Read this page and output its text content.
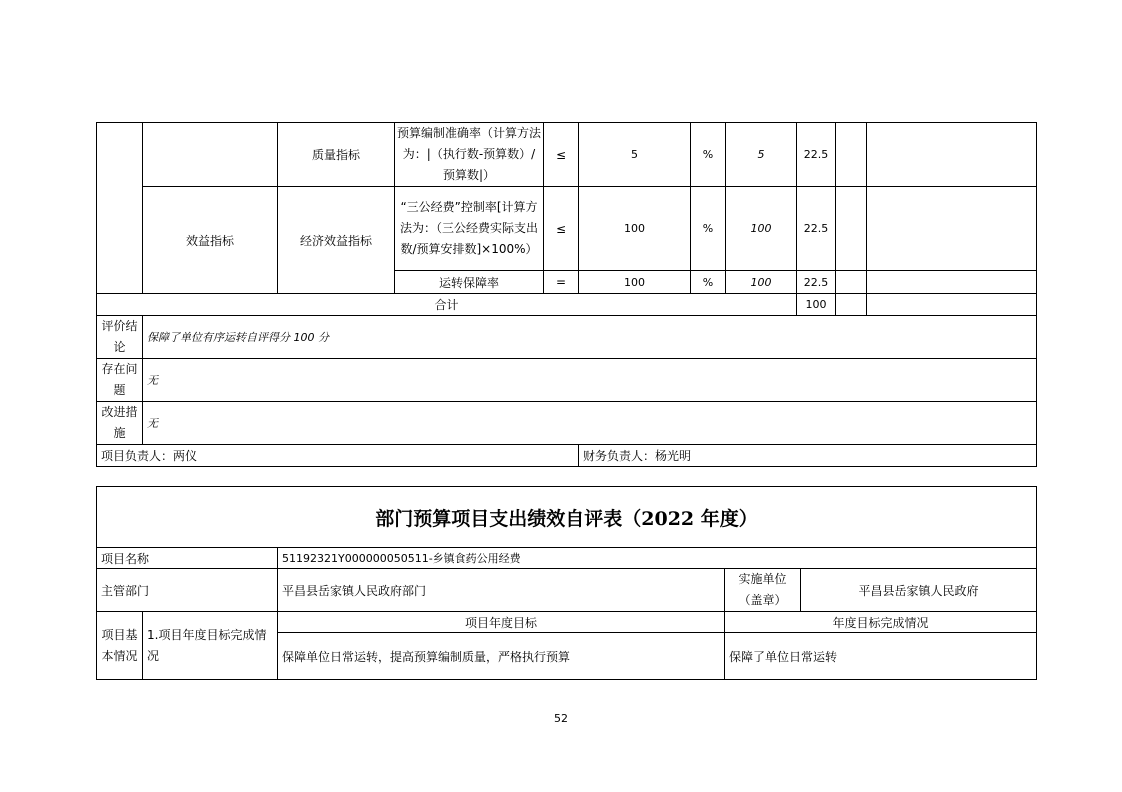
		质量指标	预算编制准确率（计算方法为：|（执行数-预算数）/预算数|）	≤	5	%	5	22.5		
	效益指标	经济效益指标	“三公经费”控制率[计算方法为：（三公经费实际支出数/预算安排数]×100%）	≤	100	%	100	22.5		
			运转保障率	=	100	%	100	22.5		
合计								100		
评价结论	保障了单位有序运转自评得分 100 分									
存在问题	无									
改进措施	无									
项目负责人：两仪					财务负责人：杨光明					
部门预算项目支出绩效自评表（2022 年度）				
项目名称		51192321Y000000050511-乡镇食药公用经费		
主管部门		平昌县岳家镇人民政府部门	实施单位（盖章）	平昌县岳家镇人民政府
项目基本情况	1.项目年度目标完成情况	项目年度目标	年度目标完成情况	
		保障单位日常运转，提高预算编制质量，严格执行预算	保障了单位日常运转	
52
